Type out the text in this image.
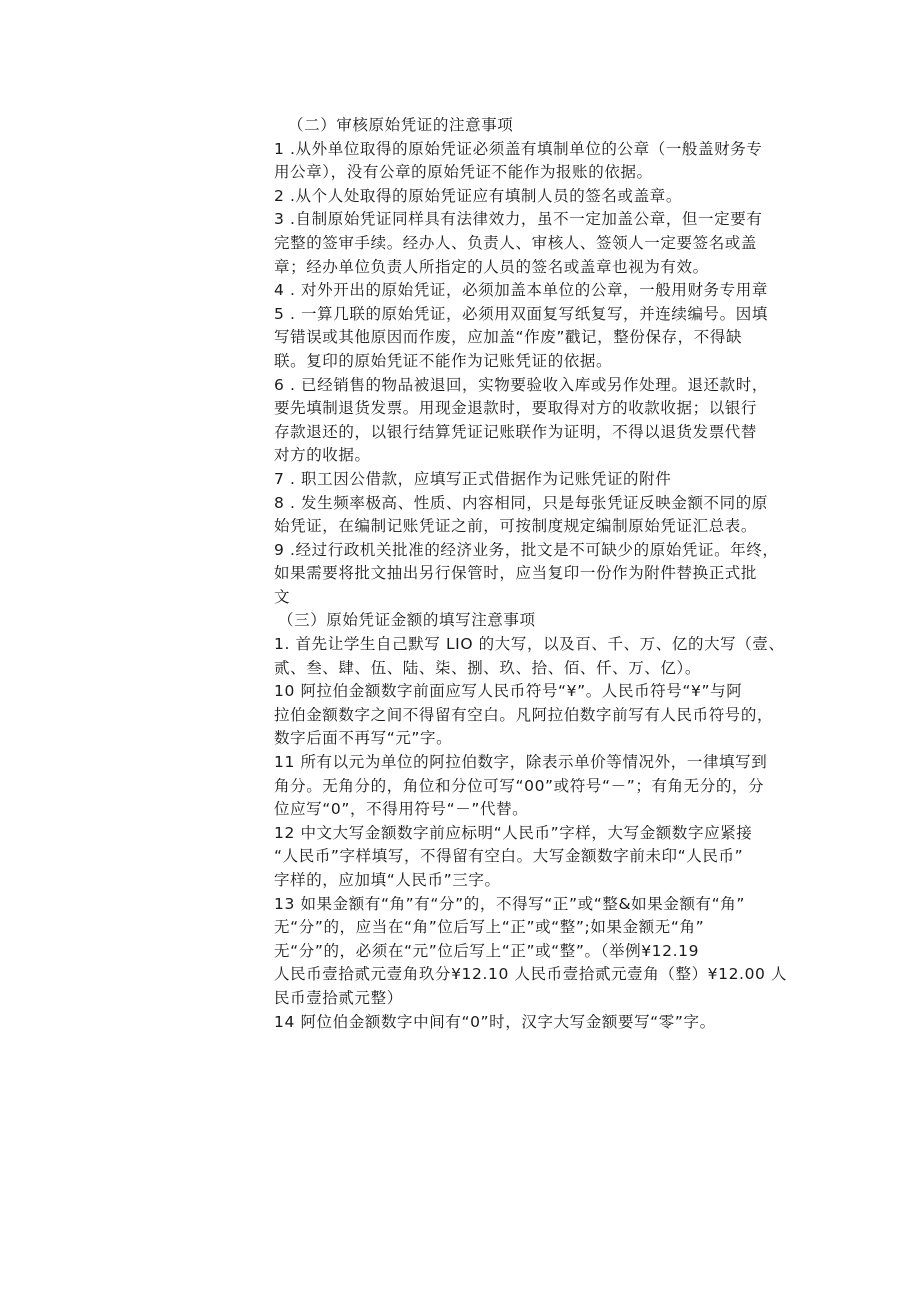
（二）审核原始凭证的注意事项
1 .从外单位取得的原始凭证必须盖有填制单位的公章（一般盖财务专
用公章），没有公章的原始凭证不能作为报账的依据。
2 .从个人处取得的原始凭证应有填制人员的签名或盖章。
3 .自制原始凭证同样具有法律效力，虽不一定加盖公章，但一定要有
完整的签审手续。经办人、负责人、审核人、签领人一定要签名或盖
章；经办单位负责人所指定的人员的签名或盖章也视为有效。
4 . 对外开出的原始凭证，必须加盖本单位的公章，一般用财务专用章
5 . 一算几联的原始凭证，必须用双面复写纸复写，并连续编号。因填
写错误或其他原因而作废，应加盖“作废”戳记，整份保存，不得缺
联。复印的原始凭证不能作为记账凭证的依据。
6 . 已经销售的物品被退回，实物要验收入库或另作处理。退还款时，
要先填制退货发票。用现金退款时，要取得对方的收款收据；以银行
存款退还的，以银行结算凭证记账联作为证明，不得以退货发票代替
对方的收据。
7 . 职工因公借款，应填写正式借据作为记账凭证的附件
8 . 发生频率极高、性质、内容相同，只是每张凭证反映金额不同的原
始凭证，在编制记账凭证之前，可按制度规定编制原始凭证汇总表。
9 .经过行政机关批准的经济业务，批文是不可缺少的原始凭证。年终，
如果需要将批文抽出另行保管时，应当复印一份作为附件替换正式批
文
（三）原始凭证金额的填写注意事项
1. 首先让学生自己默写 LIO 的大写，以及百、千、万、亿的大写（壹、
贰、叁、肆、伍、陆、柒、捌、玖、拾、佰、仟、万、亿）。
10 阿拉伯金额数字前面应写人民币符号“¥”。人民币符号“¥”与阿
拉伯金额数字之间不得留有空白。凡阿拉伯数字前写有人民币符号的，
数字后面不再写“元”字。
11 所有以元为单位的阿拉伯数字，除表示单价等情况外，一律填写到
角分。无角分的，角位和分位可写“00”或符号“－”；有角无分的，分
位应写“0”，不得用符号“－”代替。
12 中文大写金额数字前应标明“人民币”字样，大写金额数字应紧接
“人民币”字样填写，不得留有空白。大写金额数字前未印“人民币”
字样的，应加填“人民币”三字。
13 如果金额有“角”有“分”的，不得写“正”或“整&如果金额有“角”
无“分”的，应当在“角”位后写上“正”或“整”;如果金额无“角”
无“分”的，必须在“元”位后写上“正”或“整”。（举例¥12.19
人民币壹拾贰元壹角玖分¥12.10 人民币壹拾贰元壹角（整）¥12.00 人
民币壹拾贰元整）
14 阿位伯金额数字中间有“0”时，汉字大写金额要写“零”字。
